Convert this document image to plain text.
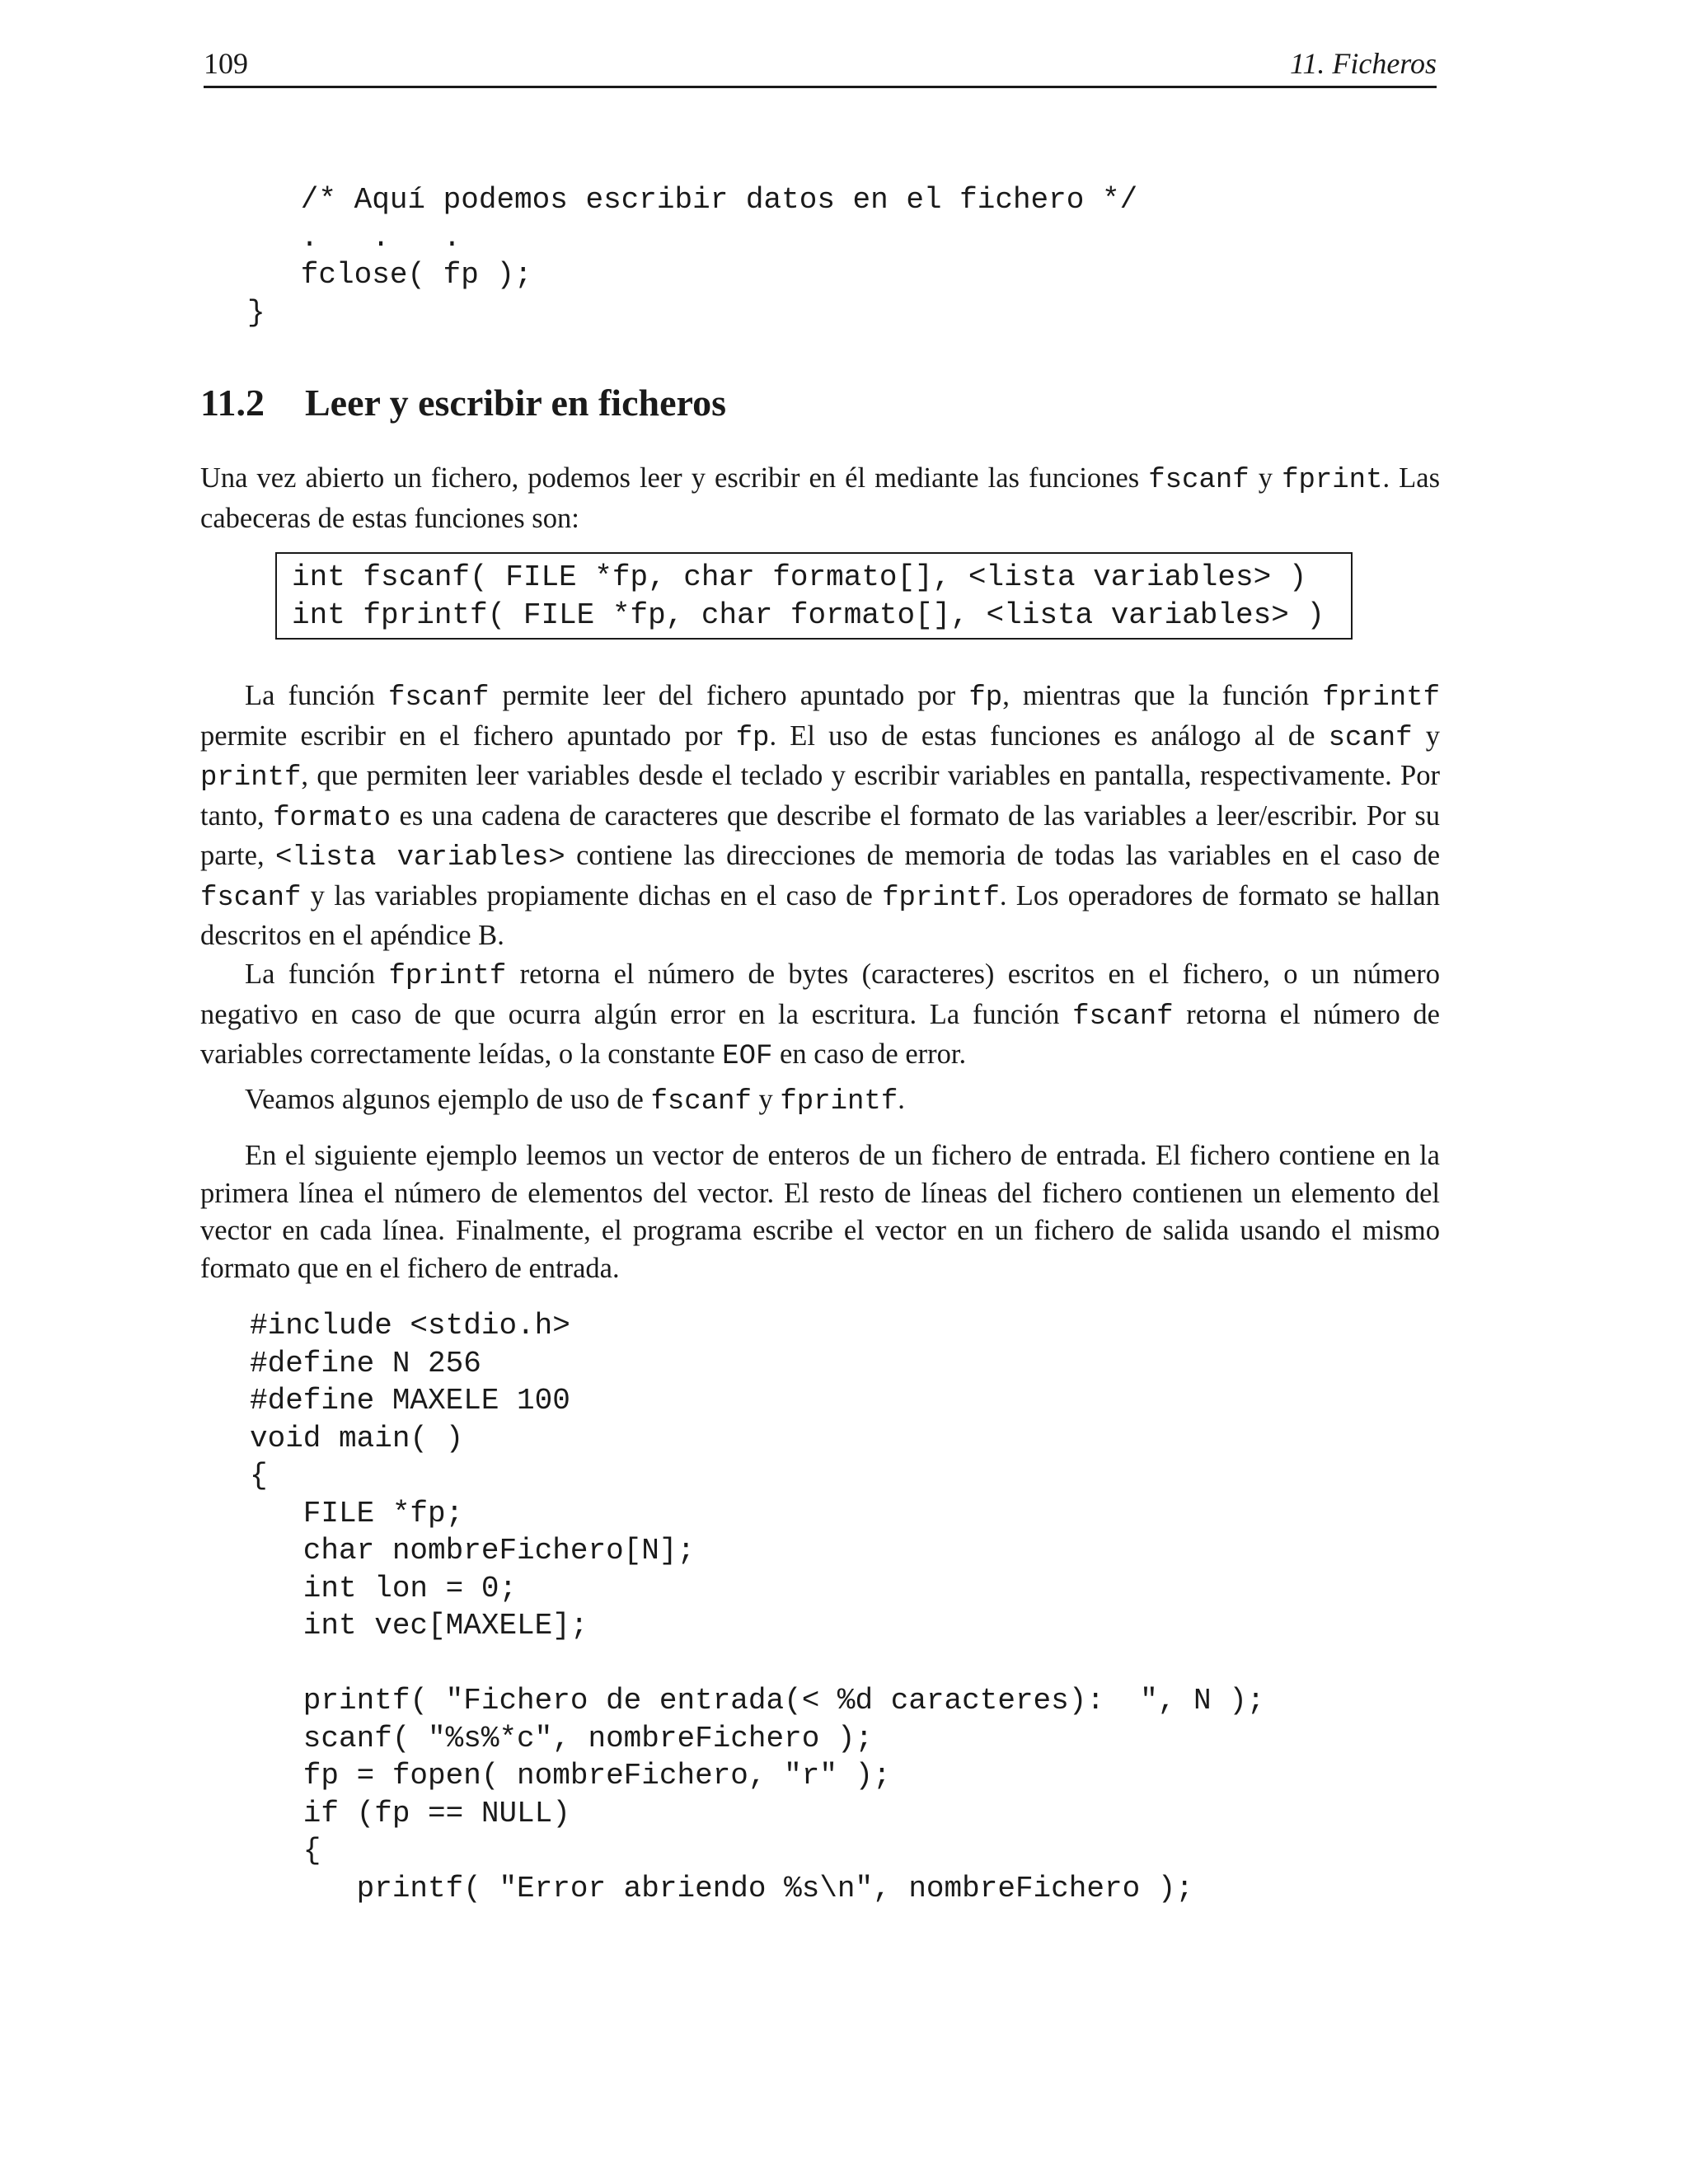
109	11. Ficheros
/* Aquí podemos escribir datos en el fichero */
.   .   .
fclose( fp );
}
11.2 Leer y escribir en ficheros

Una vez abierto un fichero, podemos leer y escribir en él mediante las funciones fscanf y fprint. Las cabeceras de estas funciones son:

int fscanf( FILE *fp, char formato[], <lista variables> )
int fprintf( FILE *fp, char formato[], <lista variables> )

La función fscanf permite leer del fichero apuntado por fp, mientras que la función fprintf permite escribir en el fichero apuntado por fp. El uso de estas funciones es análogo al de scanf y printf, que permiten leer variables desde el teclado y escribir variables en pantalla, respectivamente. Por tanto, formato es una cadena de caracteres que describe el formato de las variables a leer/escribir. Por su parte, <lista variables> contiene las direcciones de memoria de todas las variables en el caso de fscanf y las variables propiamente dichas en el caso de fprintf. Los operadores de formato se hallan descritos en el apéndice B.

La función fprintf retorna el número de bytes (caracteres) escritos en el fichero, o un número negativo en caso de que ocurra algún error en la escritura. La función fscanf retorna el número de variables correctamente leídas, o la constante EOF en caso de error.

Veamos algunos ejemplo de uso de fscanf y fprintf.

En el siguiente ejemplo leemos un vector de enteros de un fichero de entrada. El fichero contiene en la primera línea el número de elementos del vector. El resto de líneas del fichero contienen un elemento del vector en cada línea. Finalmente, el programa escribe el vector en un fichero de salida usando el mismo formato que en el fichero de entrada.

#include <stdio.h>
#define N 256
#define MAXELE 100
void main( )
{
FILE *fp;
char nombreFichero[N];
int lon = 0;
int vec[MAXELE];

printf( "Fichero de entrada(< %d caracteres):  ", N );
scanf( "%s%*c", nombreFichero );
fp = fopen( nombreFichero, "r" );
if (fp == NULL)
{
printf( "Error abriendo %s\n", nombreFichero );
